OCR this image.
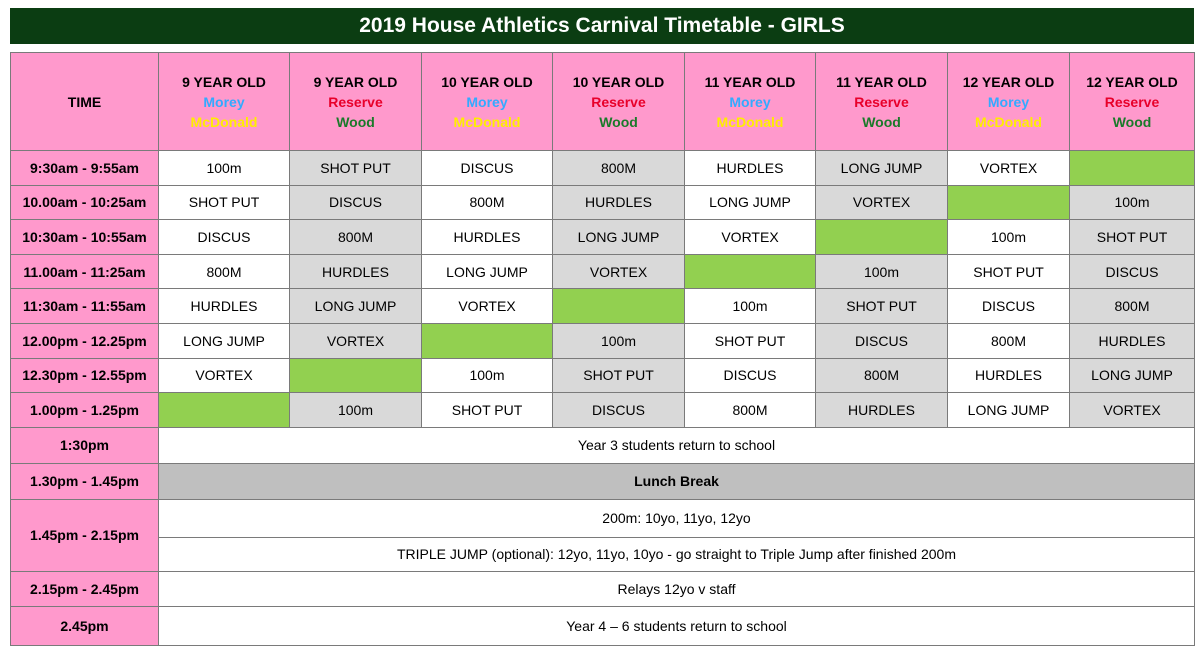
2019 House Athletics Carnival Timetable - GIRLS
TIME	9 YEAR OLD
Morey
McDonald	9 YEAR OLD
Reserve
Wood	10 YEAR OLD
Morey
McDonald	10 YEAR OLD
Reserve
Wood	11 YEAR OLD
Morey
McDonald	11 YEAR OLD
Reserve
Wood	12 YEAR OLD
Morey
McDonald	12 YEAR OLD
Reserve
Wood

9:30am - 9:55am	100m	SHOT PUT	DISCUS	800M	HURDLES	LONG JUMP	VORTEX	
10.00am - 10:25am	SHOT PUT	DISCUS	800M	HURDLES	LONG JUMP	VORTEX		100m
10:30am - 10:55am	DISCUS	800M	HURDLES	LONG JUMP	VORTEX		100m	SHOT PUT
11.00am - 11:25am	800M	HURDLES	LONG JUMP	VORTEX		100m	SHOT PUT	DISCUS
11:30am - 11:55am	HURDLES	LONG JUMP	VORTEX		100m	SHOT PUT	DISCUS	800M
12.00pm - 12.25pm	LONG JUMP	VORTEX		100m	SHOT PUT	DISCUS	800M	HURDLES
12.30pm - 12.55pm	VORTEX		100m	SHOT PUT	DISCUS	800M	HURDLES	LONG JUMP
1.00pm - 1.25pm		100m	SHOT PUT	DISCUS	800M	HURDLES	LONG JUMP	VORTEX
1:30pm	Year 3 students return to school							
1.30pm - 1.45pm	Lunch Break							
1.45pm - 2.15pm	200m: 10yo, 11yo, 12yo							
	TRIPLE JUMP (optional): 12yo, 11yo, 10yo - go straight to Triple Jump after finished 200m							
2.15pm - 2.45pm	Relays 12yo v staff							
2.45pm	Year 4 – 6 students return to school							
